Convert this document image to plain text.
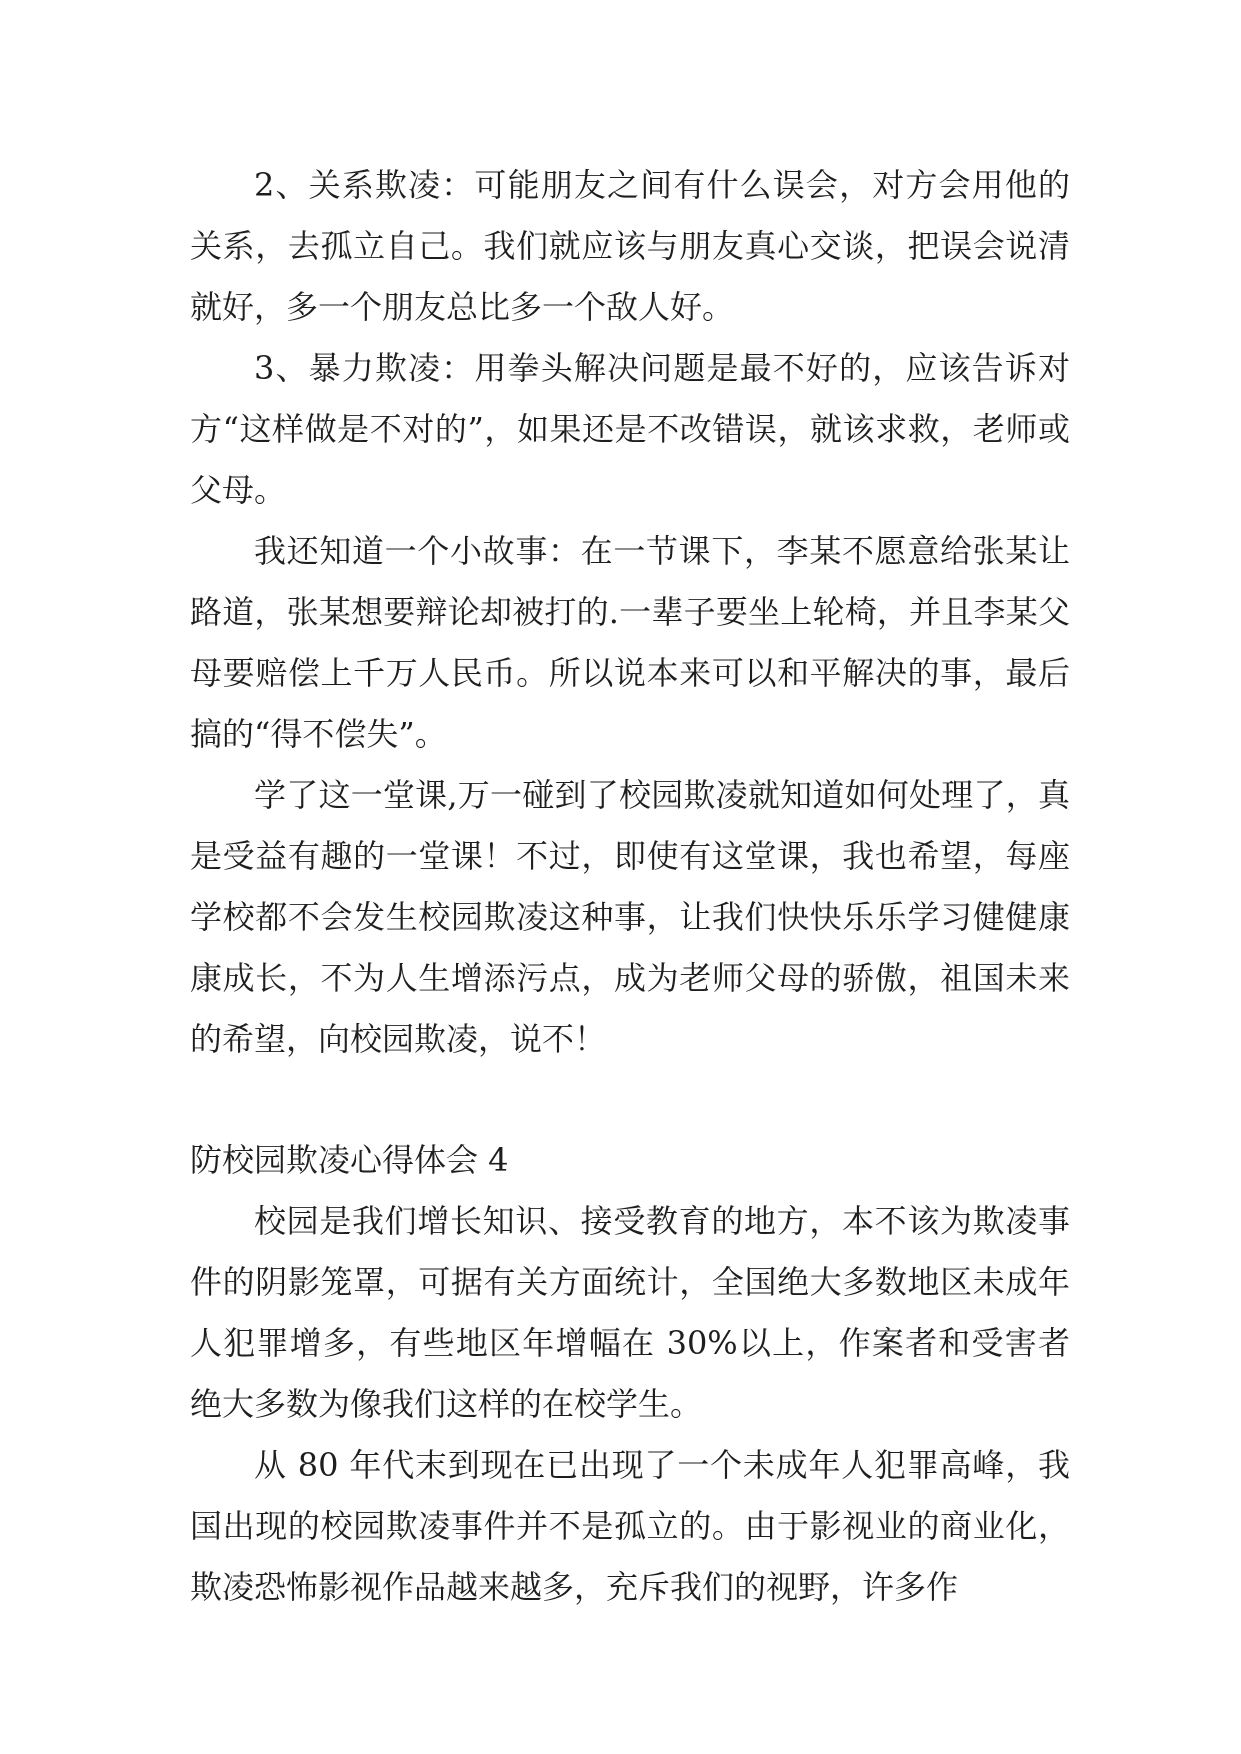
2、关系欺凌：可能朋友之间有什么误会，对方会用他的关系，去孤立自己。我们就应该与朋友真心交谈，把误会说清就好，多一个朋友总比多一个敌人好。

3、暴力欺凌：用拳头解决问题是最不好的，应该告诉对方“这样做是不对的”，如果还是不改错误，就该求救，老师或父母。

我还知道一个小故事：在一节课下，李某不愿意给张某让路道，张某想要辩论却被打的.一辈子要坐上轮椅，并且李某父母要赔偿上千万人民币。所以说本来可以和平解决的事，最后搞的“得不偿失”。

学了这一堂课,万一碰到了校园欺凌就知道如何处理了，真是受益有趣的一堂课！不过，即使有这堂课，我也希望，每座学校都不会发生校园欺凌这种事，让我们快快乐乐学习健健康康成长，不为人生增添污点，成为老师父母的骄傲，祖国未来的希望，向校园欺凌，说不！

防校园欺凌心得体会 4

校园是我们增长知识、接受教育的地方，本不该为欺凌事件的阴影笼罩，可据有关方面统计，全国绝大多数地区未成年人犯罪增多，有些地区年增幅在 30%以上，作案者和受害者绝大多数为像我们这样的在校学生。

从 80 年代末到现在已出现了一个未成年人犯罪高峰，我国出现的校园欺凌事件并不是孤立的。由于影视业的商业化，欺凌恐怖影视作品越来越多，充斥我们的视野，许多作
